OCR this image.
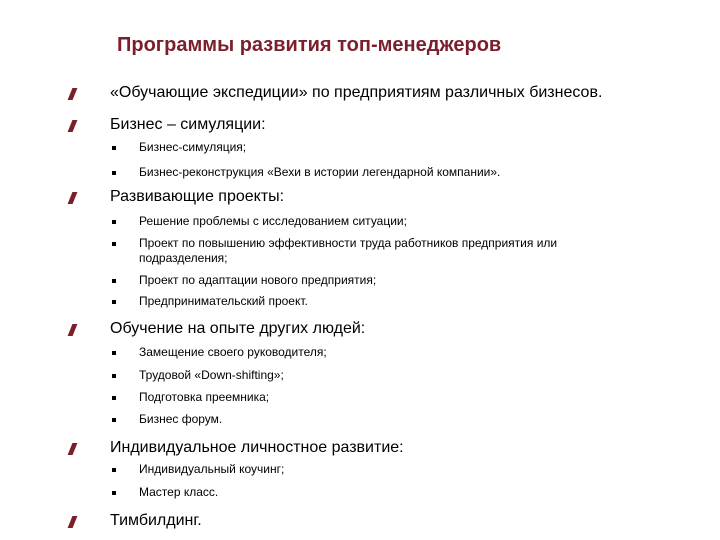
Программы развития топ-менеджеров
«Обучающие экспедиции» по предприятиям различных бизнесов.
Бизнес – симуляции:
Бизнес-симуляция;
Бизнес-реконструкция «Вехи в истории легендарной компании».
Развивающие проекты:
Решение проблемы с исследованием ситуации;
Проект по повышению эффективности труда работников предприятия или
подразделения;
Проект по адаптации нового предприятия;
Предпринимательский проект.
Обучение на опыте других людей:
Замещение своего руководителя;
Трудовой «Down-shifting»;
Подготовка преемника;
Бизнес форум.
Индивидуальное личностное развитие:
Индивидуальный коучинг;
Мастер класс.
Тимбилдинг.
